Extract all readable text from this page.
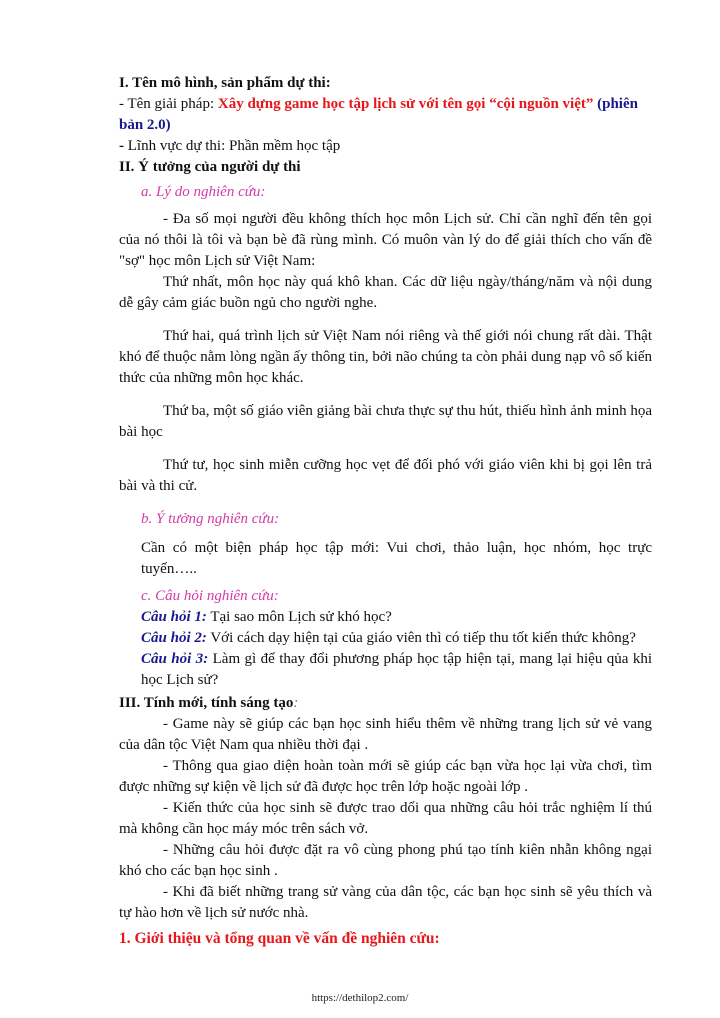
I. Tên mô hình, sản phẩm dự thi:

- Tên giải pháp: Xây dựng game học tập lịch sử với tên gọi “cội nguồn việt” (phiên bản 2.0)

- Lĩnh vực dự thi: Phần mềm học tập

II. Ý tưởng của người dự thi

a. Lý do nghiên cứu:

- Đa số mọi người đều không thích học môn Lịch sử. Chỉ cần nghĩ đến tên gọi của nó thôi là tôi và bạn bè đã rùng mình. Có muôn vàn lý do để giải thích cho vấn đề "sợ" học môn Lịch sử Việt Nam:

Thứ nhất, môn học này quá khô khan. Các dữ liệu ngày/tháng/năm và nội dung dễ gây cảm giác buồn ngủ cho người nghe.

Thứ hai, quá trình lịch sử Việt Nam nói riêng và thế giới nói chung rất dài. Thật khó để thuộc nằm lòng ngần ấy thông tin, bởi não chúng ta còn phải dung nạp vô số kiến thức của những môn học khác.

Thứ ba, một số giáo viên giảng bài chưa thực sự thu hút, thiếu hình ảnh minh họa bài học

Thứ tư, học sinh miễn cưỡng học vẹt để đối phó với giáo viên khi bị gọi lên trả bài và thi cử.

b. Ý tưởng nghiên cứu:

Cần có một biện pháp học tập mới: Vui chơi, thảo luận, học nhóm, học trực tuyến…..

c. Câu hỏi nghiên cứu:

Câu hỏi 1: Tại sao môn Lịch sử khó học?

Câu hỏi 2: Với cách dạy hiện tại của giáo viên thì có tiếp thu tốt kiến thức không?

Câu hỏi 3: Làm gì để thay đổi phương pháp học tập hiện tại, mang lại hiệu qủa khi học Lịch sử?

III. Tính mới, tính sáng tạo:

- Game này sẽ giúp các bạn học sinh hiểu thêm về những trang lịch sử vẻ vang của dân tộc Việt Nam qua nhiều thời đại .

- Thông qua giao diện hoàn toàn mới sẽ giúp các bạn vừa học lại vừa chơi, tìm được những sự kiện về lịch sử đã được học trên lớp hoặc ngoài lớp .

- Kiến thức của học sinh sẽ được trao dổi qua những câu hỏi trắc nghiệm lí thú mà không cần học máy móc trên sách vở.

- Những câu hỏi được đặt ra vô cùng phong phú tạo tính kiên nhẫn không ngại khó cho các bạn học sinh .

- Khi đã biết những trang sử vàng của dân tộc, các bạn học sinh sẽ yêu thích và tự hào hơn về lịch sử nước nhà.

1. Giới thiệu và tổng quan về vấn đề nghiên cứu:

https://dethilop2.com/
